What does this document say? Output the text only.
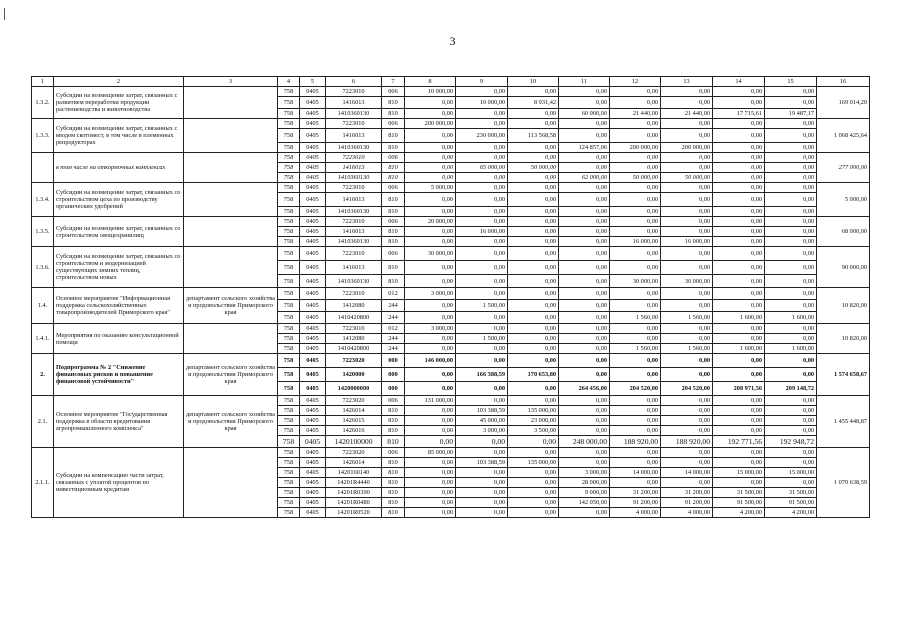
3
1	2	3	4	5	6	7	8	9	10	11	12	13	14	15	16
1.3.2.	Субсидии на возмещение затрат, связанных с развитием переработки продукции растениеводства и животноводства		758	0405	7223010	006	10 000,00	0,00	0,00	0,00	0,00	0,00	0,00	0,00	169 014,20
			758	0405	1416013	810	0,00	10 000,00	8 931,42	0,00	0,00	0,00	0,00	0,00	
			758	0405	1410360130	810	0,00	0,00	0,00	60 000,00	21 440,00	21 440,00	17 715,61	19 487,17	
1.3.3.	Субсидии на возмещение затрат, связанных с вводом скотомест, в том числе в племенных репродукторах		758	0405	7223010	006	200 000,00	0,00	0,00	0,00	0,00	0,00	0,00	0,00	1 068 425,64
			758	0405	1416013	810	0,00	230 000,00	113 568,58	0,00	0,00	0,00	0,00	0,00	
			758	0405	1410360130	810	0,00	0,00	0,00	124 857,06	200 000,00	200 000,00	0,00	0,00	
	в том числе на откормочных комплексах		758	0405	7223010	006	0,00	0,00	0,00	0,00	0,00	0,00	0,00	0,00	277 000,00
			758	0405	1416013	810	0,00	65 000,00	50 000,00	0,00	0,00	0,00	0,00	0,00	
			758	0405	1410360130	810	0,00	0,00	0,00	62 000,00	50 000,00	50 000,00	0,00	0,00	
1.3.4.	Субсидии на возмещение затрат, связанных со строительством цеха по производству органических удобрений		758	0405	7223010	006	5 000,00	0,00	0,00	0,00	0,00	0,00	0,00	0,00	5 000,00
			758	0405	1416013	810	0,00	0,00	0,00	0,00	0,00	0,00	0,00	0,00	
			758	0405	1410360130	810	0,00	0,00	0,00	0,00	0,00	0,00	0,00	0,00	
1.3.5.	Субсидии на возмещение затрат, связанных со строительством овощехранилищ		758	0405	7223010	006	20 000,00	0,00	0,00	0,00	0,00	0,00	0,00	0,00	68 000,00
			758	0405	1416013	810	0,00	16 000,00	0,00	0,00	0,00	0,00	0,00	0,00	
			758	0405	1410360130	810	0,00	0,00	0,00	0,00	16 000,00	16 000,00	0,00	0,00	
1.3.6.	Субсидии на возмещение затрат, связанных со строительством и модернизацией существующих зимних теплиц, строительством новых		758	0405	7223010	006	30 000,00	0,00	0,00	0,00	0,00	0,00	0,00	0,00	90 000,00
			758	0405	1416013	810	0,00	0,00	0,00	0,00	0,00	0,00	0,00	0,00	
			758	0405	1410360130	810	0,00	0,00	0,00	0,00	30 000,00	30 000,00	0,00	0,00	
1.4.	Основное мероприятие "Информационная поддержка сельскохозяйственных товаропроизводителей Приморского края"	департамент сельского хозяйства и продовольствия Приморского края	758	0405	7223010	012	3 000,00	0,00	0,00	0,00	0,00	0,00	0,00	0,00	10 820,00
			758	0405	1412080	244	0,00	1 500,00	0,00	0,00	0,00	0,00	0,00	0,00	
			758	0405	1410420800	244	0,00	0,00	0,00	0,00	1 560,00	1 560,00	1 600,00	1 600,00	
1.4.1.	Мероприятия по оказанию консультационной помощи		758	0405	7223010	012	3 000,00	0,00	0,00	0,00	0,00	0,00	0,00	0,00	10 820,00
			758	0405	1412080	244	0,00	1 500,00	0,00	0,00	0,00	0,00	0,00	0,00	
			758	0405	1410420800	244	0,00	0,00	0,00	0,00	1 560,00	1 560,00	1 600,00	1 600,00	
2.	Подпрограмма № 2 "Снижение финансовых рисков и повышение финансовой устойчивости"	департамент сельского хозяйства и продовольствия Приморского края	758	0405	7223020	000	146 000,00	0,00	0,00	0,00	0,00	0,00	0,00	0,00	1 574 658,67
			758	0405	1420000	000	0,00	166 388,59	170 653,80	0,00	0,00	0,00	0,00	0,00	
			758	0405	1420000000	000	0,00	0,00	0,00	264 456,00	204 520,00	204 520,00	208 971,56	209 148,72	
2.1.	Основное мероприятие "Государственная поддержка в области кредитования агропромышленного комплекса"	департамент сельского хозяйства и продовольствия Приморского края	758	0405	7223020	006	131 000,00	0,00	0,00	0,00	0,00	0,00	0,00	0,00	1 455 448,87
			758	0405	1426014	810	0,00	103 388,59	135 000,00	0,00	0,00	0,00	0,00	0,00	
			758	0405	1426015	810	0,00	45 000,00	23 000,00	0,00	0,00	0,00	0,00	0,00	
			758	0405	1426016	810	0,00	3 000,00	3 500,00	0,00	0,00	0,00	0,00	0,00	
			758	0405	1420100000	810	0,00	0,00	0,00	248 000,00	188 920,00	188 920,00	192 771,56	192 948,72	
2.1.1.	Субсидии на компенсацию части затрат, связанных с уплатой процентов по инвестиционным кредитам		758	0405	7223020	006	85 000,00	0,00	0,00	0,00	0,00	0,00	0,00	0,00	1 070 638,59
			758	0405	1426014	810	0,00	103 388,59	135 000,00	0,00	0,00	0,00	0,00	0,00	
			758	0405	1420160140	810	0,00	0,00	0,00	3 000,00	14 000,00	14 000,00	15 000,00	15 000,00	
			758	0405	14201R4440	810	0,00	0,00	0,00	28 000,00	0,00	0,00	0,00	0,00	
			758	0405	14201R0390	810	0,00	0,00	0,00	9 000,00	31 200,00	31 200,00	31 500,00	31 500,00	
			758	0405	14201R0480	810	0,00	0,00	0,00	142 050,00	91 200,00	91 200,00	91 500,00	91 500,00	
			758	0405	14201R0520	810	0,00	0,00	0,00	0,00	4 000,00	4 000,00	4 200,00	4 200,00	
